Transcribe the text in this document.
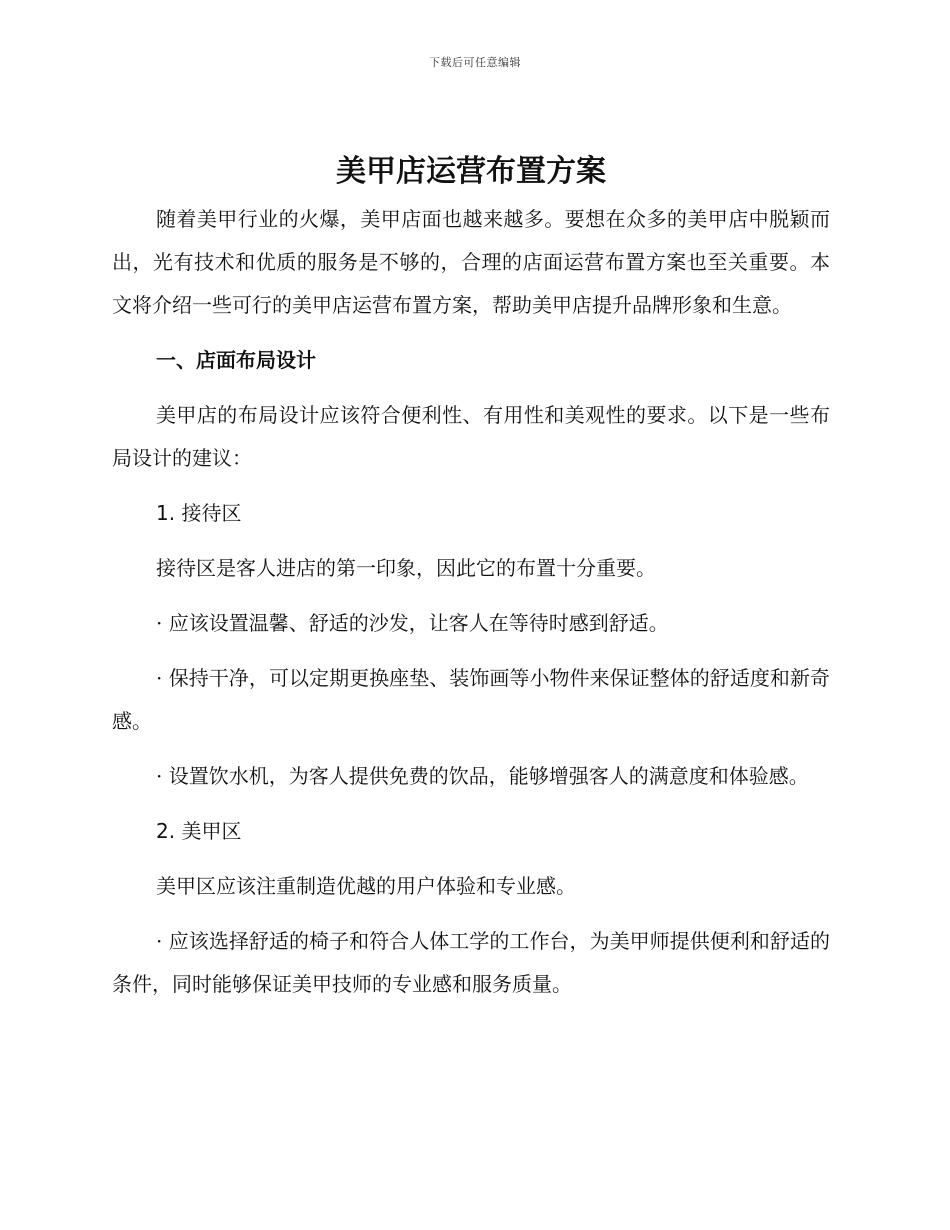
下载后可任意编辑
美甲店运营布置方案

随着美甲行业的火爆，美甲店面也越来越多。要想在众多的美甲店中脱颖而出，光有技术和优质的服务是不够的，合理的店面运营布置方案也至关重要。本文将介绍一些可行的美甲店运营布置方案，帮助美甲店提升品牌形象和生意。

一、店面布局设计

美甲店的布局设计应该符合便利性、有用性和美观性的要求。以下是一些布局设计的建议：

1. 接待区

接待区是客人进店的第一印象，因此它的布置十分重要。

· 应该设置温馨、舒适的沙发，让客人在等待时感到舒适。

· 保持干净，可以定期更换座垫、装饰画等小物件来保证整体的舒适度和新奇感。

· 设置饮水机，为客人提供免费的饮品，能够增强客人的满意度和体验感。

2. 美甲区

美甲区应该注重制造优越的用户体验和专业感。

· 应该选择舒适的椅子和符合人体工学的工作台，为美甲师提供便利和舒适的条件，同时能够保证美甲技师的专业感和服务质量。
